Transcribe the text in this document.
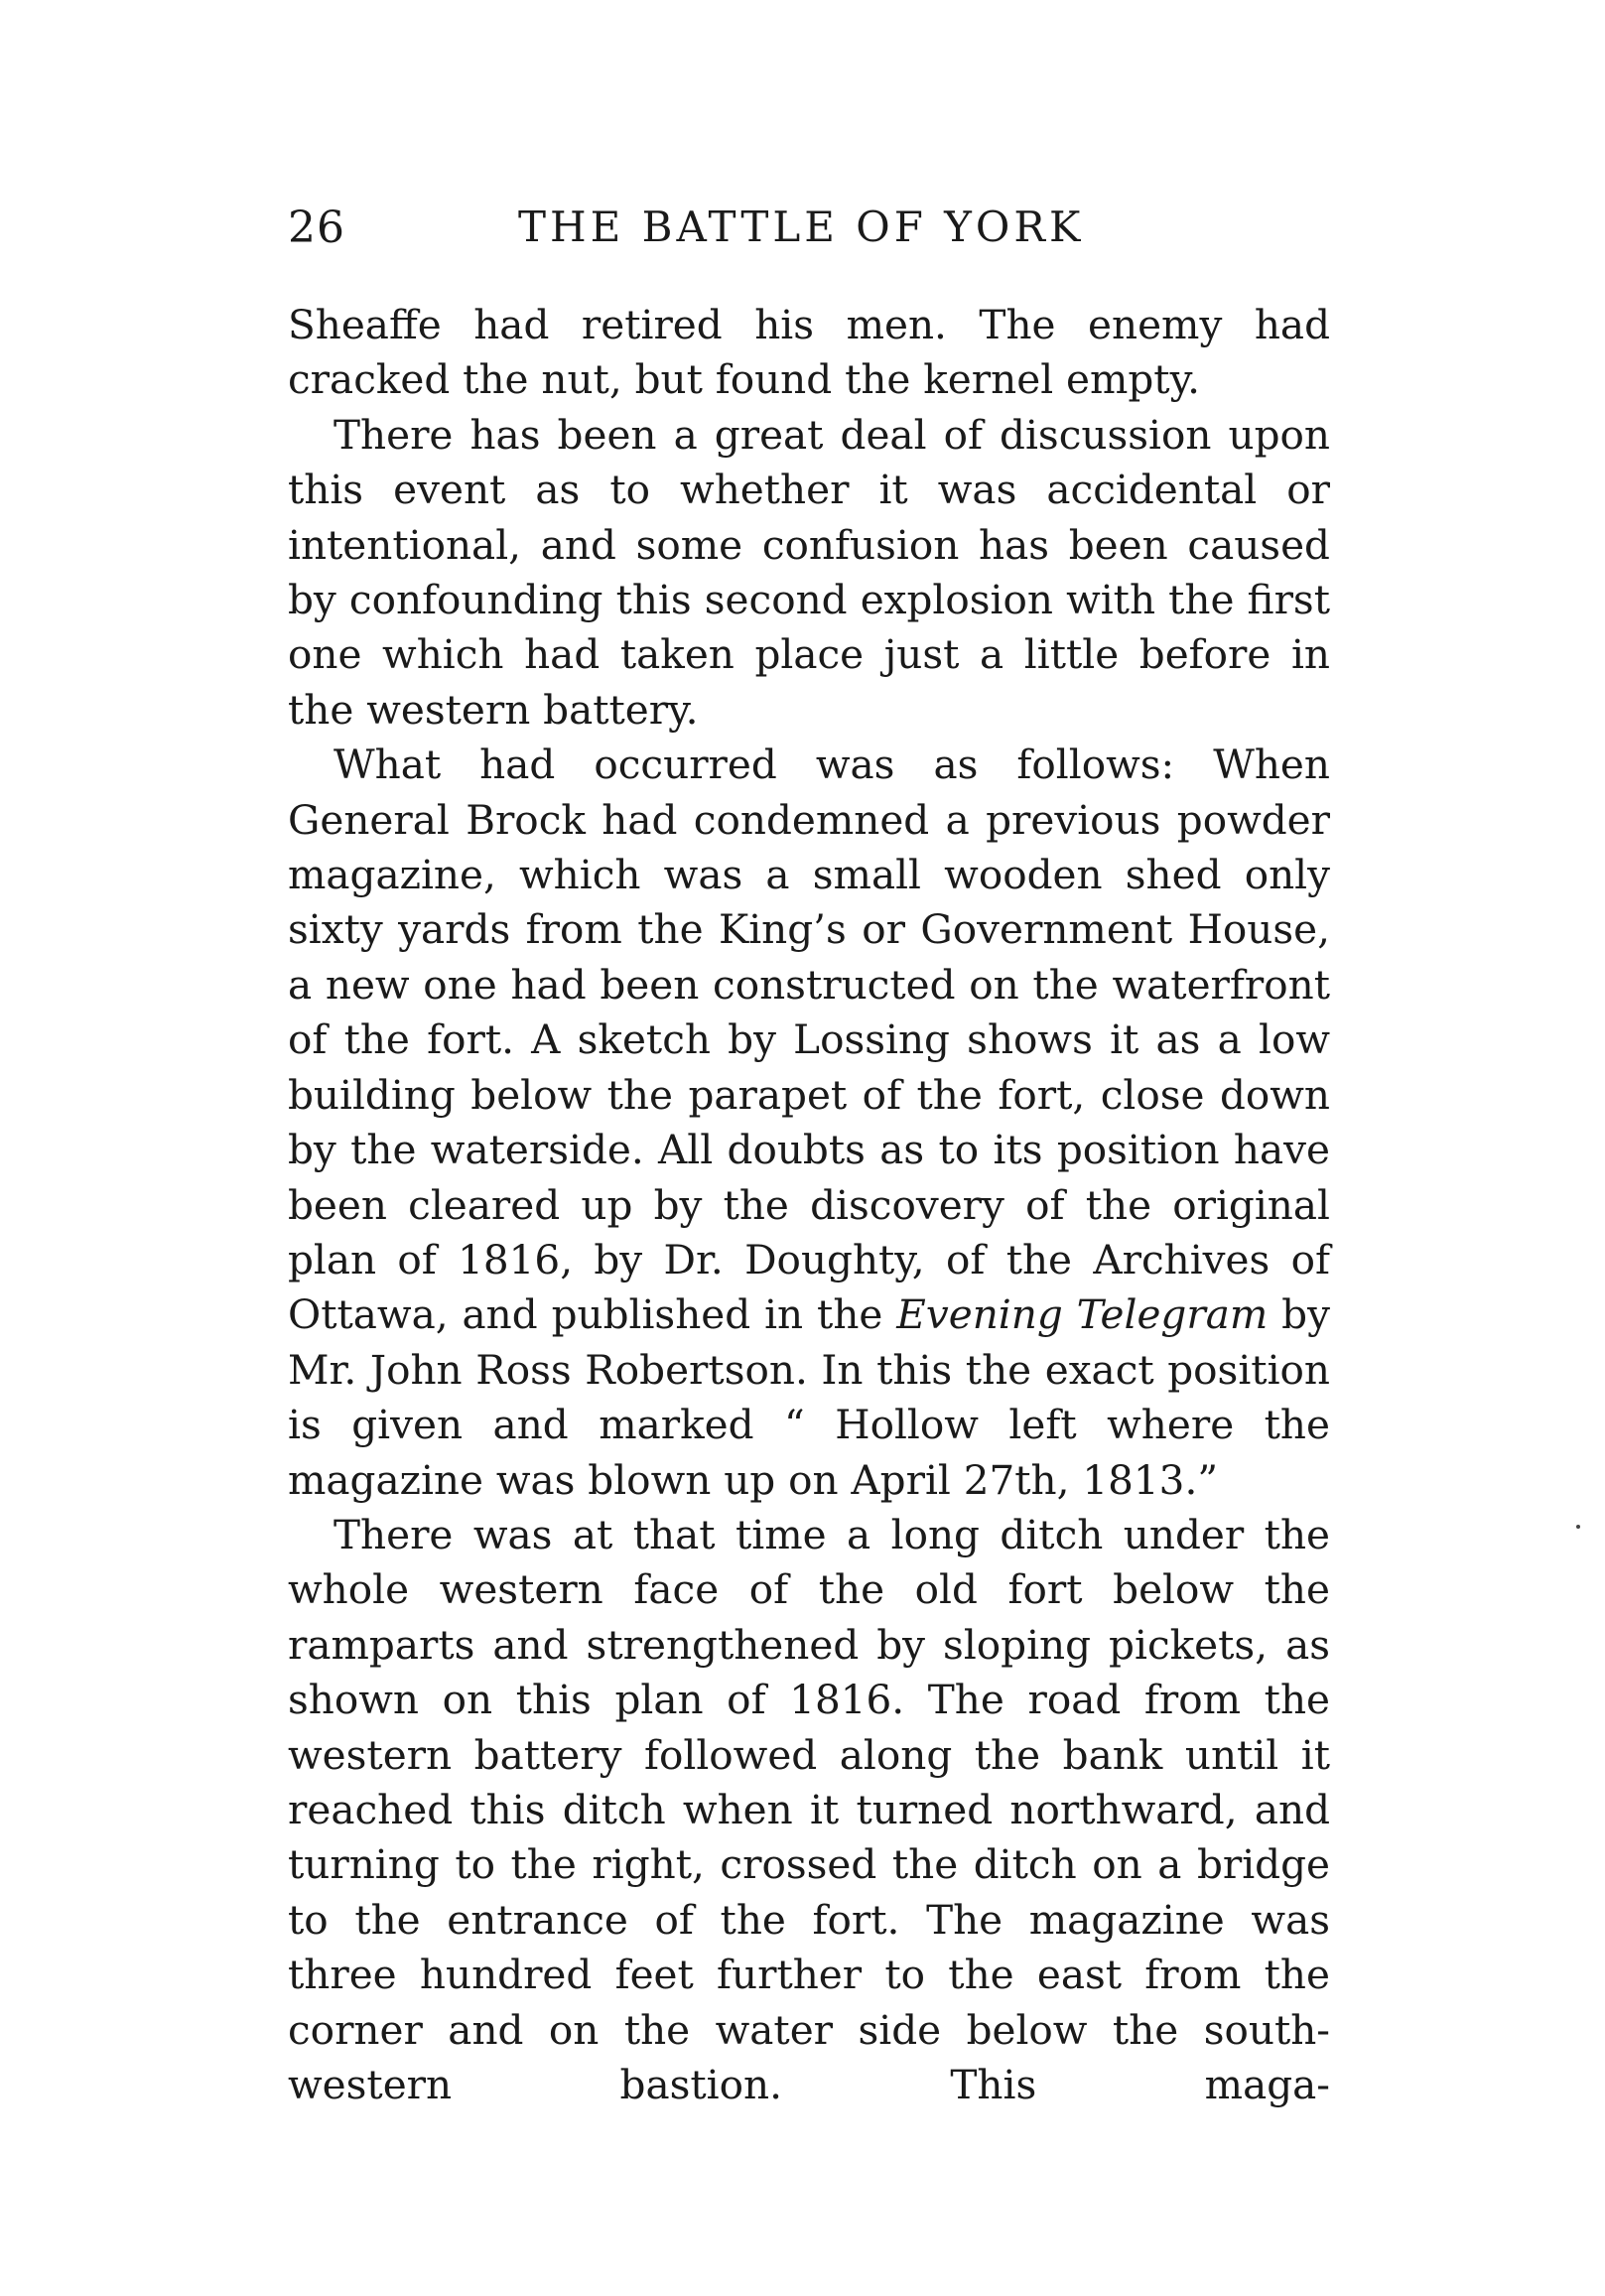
26	THE BATTLE OF YORK

Sheaffe had retired his men. The enemy had cracked the nut, but found the kernel empty.

There has been a great deal of discussion upon this event as to whether it was accidental or intentional, and some confusion has been caused by confounding this second explosion with the first one which had taken place just a little before in the western battery.

What had occurred was as follows: When General Brock had condemned a previous powder magazine, which was a small wooden shed only sixty yards from the King’s or Government House, a new one had been constructed on the waterfront of the fort. A sketch by Lossing shows it as a low building below the parapet of the fort, close down by the waterside. All doubts as to its position have been cleared up by the discovery of the original plan of 1816, by Dr. Doughty, of the Archives of Ottawa, and published in the Evening Telegram by Mr. John Ross Robertson. In this the exact position is given and marked “ Hollow left where the magazine was blown up on April 27th, 1813.”

There was at that time a long ditch under the whole western face of the old fort below the ramparts and strengthened by sloping pickets, as shown on this plan of 1816. The road from the western battery followed along the bank until it reached this ditch when it turned northward, and turning to the right, crossed the ditch on a bridge to the entrance of the fort. The magazine was three hundred feet further to the east from the corner and on the water side below the south-western bastion. This maga-
